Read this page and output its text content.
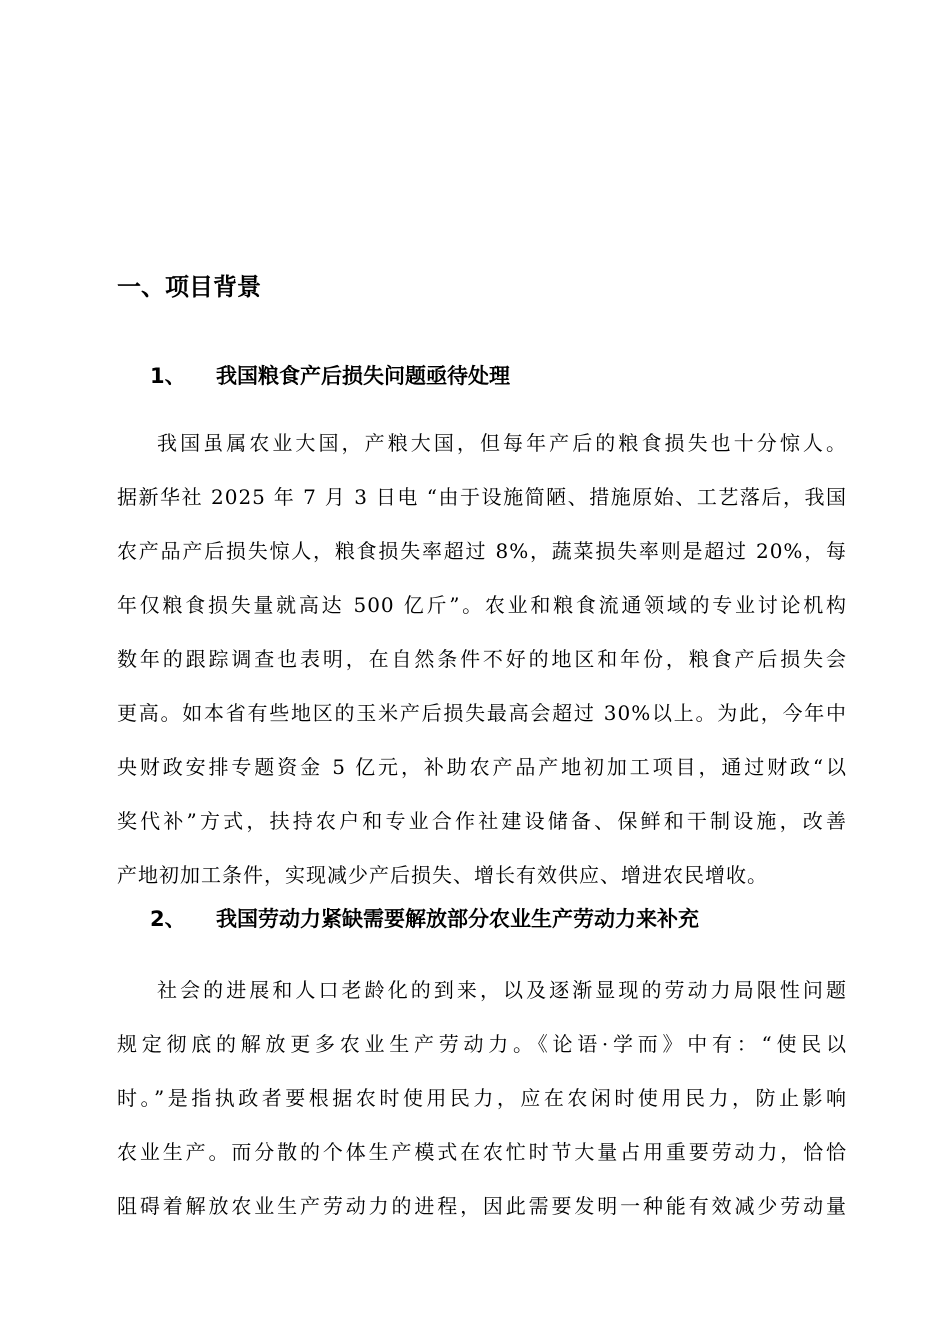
一、项目背景
1、 我国粮食产后损失问题亟待处理
我国虽属农业大国，产粮大国，但每年产后的粮食损失也十分惊人。
据新华社 2025 年 7 月 3 日电 “由于设施简陋、措施原始、工艺落后，我国
农产品产后损失惊人，粮食损失率超过 8%，蔬菜损失率则是超过 20%，每
年仅粮食损失量就高达 500 亿斤”。农业和粮食流通领域的专业讨论机构
数年的跟踪调查也表明，在自然条件不好的地区和年份，粮食产后损失会
更高。如本省有些地区的玉米产后损失最高会超过 30%以上。为此，今年中
央财政安排专题资金 5 亿元，补助农产品产地初加工项目，通过财政“以
奖代补”方式，扶持农户和专业合作社建设储备、保鲜和干制设施，改善
产地初加工条件，实现减少产后损失、增长有效供应、增进农民增收。
2、 我国劳动力紧缺需要解放部分农业生产劳动力来补充
社会的进展和人口老龄化的到来，以及逐渐显现的劳动力局限性问题
规定彻底的解放更多农业生产劳动力。《论语·学而》中有：“使民以
时。”是指执政者要根据农时使用民力，应在农闲时使用民力，防止影响
农业生产。而分散的个体生产模式在农忙时节大量占用重要劳动力，恰恰
阻碍着解放农业生产劳动力的进程，因此需要发明一种能有效减少劳动量
